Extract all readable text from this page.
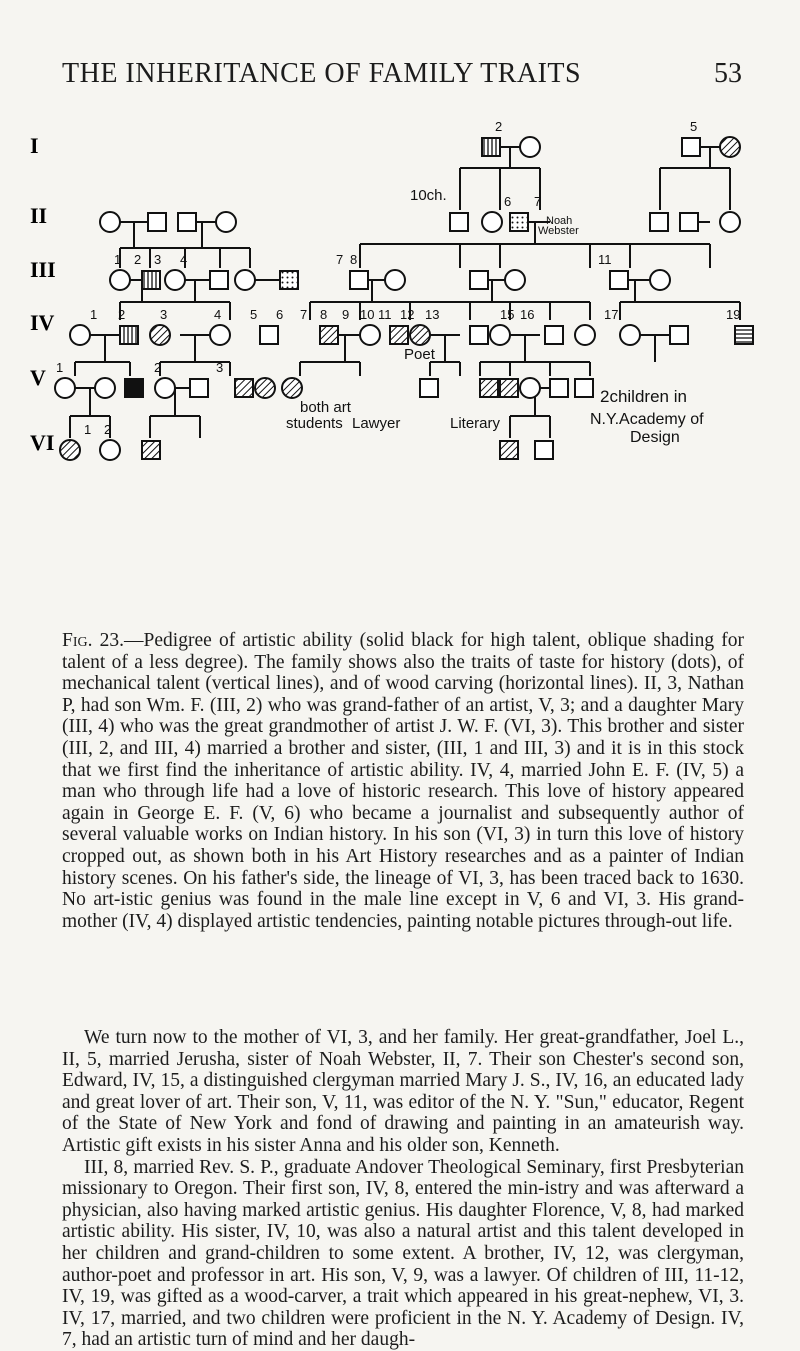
THE INHERITANCE OF FAMILY TRAITS	53
I
II
III
IV
V
VI
2	5
6 7
1 2 3 4	7 8	11
1 2	3	4 5 6 7 8 9 10 11 12 13	15 16	17	19
1	2	3
1 2
10ch.
Noah
Webster
Poet
both art
students Lawyer	Literary
2children in
N.Y.Academy of
Design
Fig. 23.—Pedigree of artistic ability (solid black for high talent, oblique shading for talent of a less degree). The family shows also the traits of taste for history (dots), of mechanical talent (vertical lines), and of wood carving (horizontal lines). II, 3, Nathan P, had son Wm. F. (III, 2) who was grand-father of an artist, V, 3; and a daughter Mary (III, 4) who was the great grandmother of artist J. W. F. (VI, 3). This brother and sister (III, 2, and III, 4) married a brother and sister, (III, 1 and III, 3) and it is in this stock that we first find the inheritance of artistic ability. IV, 4, married John E. F. (IV, 5) a man who through life had a love of historic research. This love of history appeared again in George E. F. (V, 6) who became a journalist and subsequently author of several valuable works on Indian history. In his son (VI, 3) in turn this love of history cropped out, as shown both in his Art History researches and as a painter of Indian history scenes. On his father's side, the lineage of VI, 3, has been traced back to 1630. No art-istic genius was found in the male line except in V, 6 and VI, 3. His grand-mother (IV, 4) displayed artistic tendencies, painting notable pictures through-out life.

We turn now to the mother of VI, 3, and her family. Her great-grandfather, Joel L., II, 5, married Jerusha, sister of Noah Webster, II, 7. Their son Chester's second son, Edward, IV, 15, a distinguished clergyman married Mary J. S., IV, 16, an educated lady and great lover of art. Their son, V, 11, was editor of the N. Y. "Sun," educator, Regent of the State of New York and fond of drawing and painting in an amateurish way. Artistic gift exists in his sister Anna and his older son, Kenneth.

III, 8, married Rev. S. P., graduate Andover Theological Seminary, first Presbyterian missionary to Oregon. Their first son, IV, 8, entered the min-istry and was afterward a physician, also having marked artistic genius. His daughter Florence, V, 8, had marked artistic ability. His sister, IV, 10, was also a natural artist and this talent developed in her children and grand-children to some extent. A brother, IV, 12, was clergyman, author-poet and professor in art. His son, V, 9, was a lawyer. Of children of III, 11-12, IV, 19, was gifted as a wood-carver, a trait which appeared in his great-nephew, VI, 3. IV, 17, married, and two children were proficient in the N. Y. Academy of Design. IV, 7, had an artistic turn of mind and her daugh-
